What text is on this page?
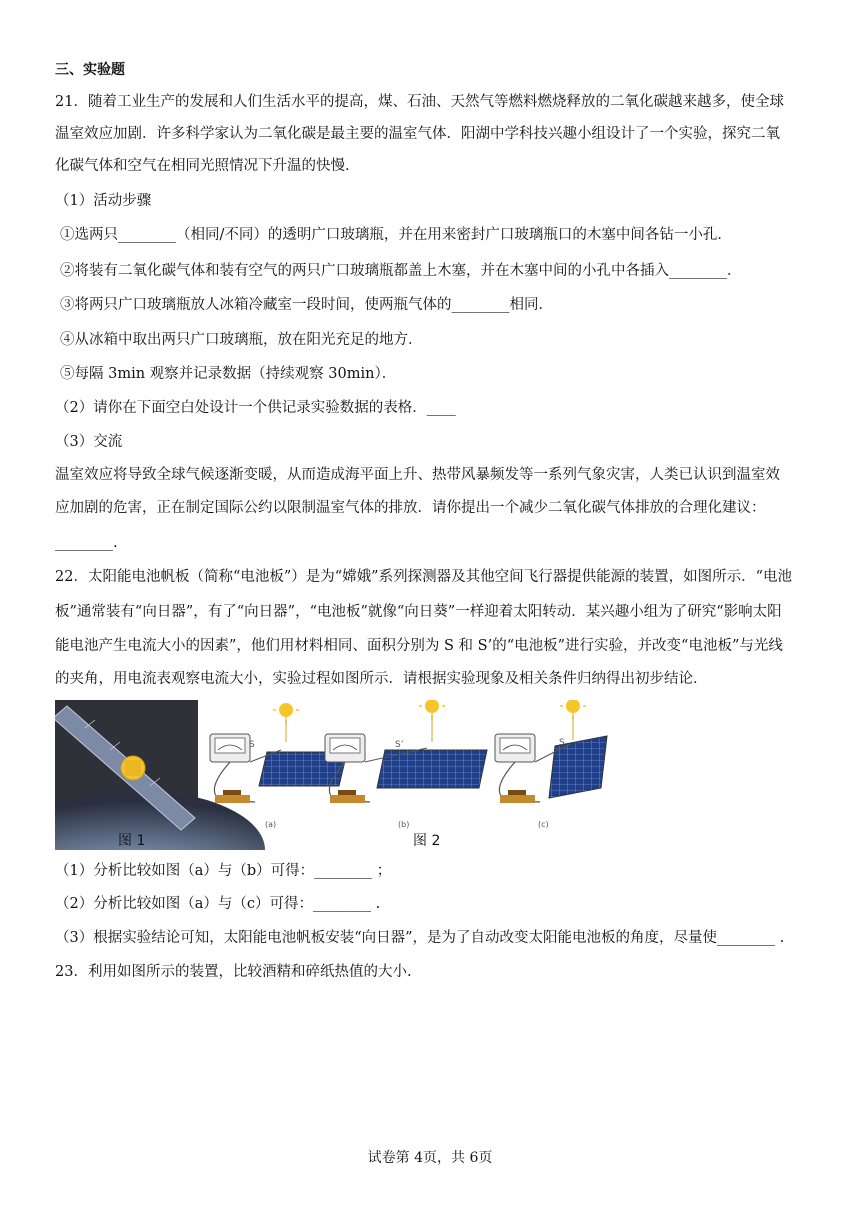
三、实验题
21．随着工业生产的发展和人们生活水平的提高，煤、石油、天然气等燃料燃烧释放的二氧化碳越来越多，使全球
温室效应加剧．许多科学家认为二氧化碳是最主要的温室气体．阳湖中学科技兴趣小组设计了一个实验，探究二氧
化碳气体和空气在相同光照情况下升温的快慢．
（1）活动步骤
①选两只________（相同/不同）的透明广口玻璃瓶，并在用来密封广口玻璃瓶口的木塞中间各钻一小孔．
②将装有二氧化碳气体和装有空气的两只广口玻璃瓶都盖上木塞，并在木塞中间的小孔中各插入________．
③将两只广口玻璃瓶放人冰箱冷藏室一段时间，使两瓶气体的________相同．
④从冰箱中取出两只广口玻璃瓶，放在阳光充足的地方．
⑤每隔 3min 观察并记录数据（持续观察 30min）．
（2）请你在下面空白处设计一个供记录实验数据的表格．____
（3）交流
温室效应将导致全球气候逐渐变暖，从而造成海平面上升、热带风暴频发等一系列气象灾害，人类已认识到温室效
应加剧的危害，正在制定国际公约以限制温室气体的排放．请你提出一个减少二氧化碳气体排放的合理化建议：
________.
22．太阳能电池帆板（简称“电池板”）是为“嫦娥”系列探测器及其他空间飞行器提供能源的装置，如图所示．“电池
板”通常装有“向日器”，有了“向日器”，“电池板”就像“向日葵”一样迎着太阳转动．某兴趣小组为了研究“影响太阳
能电池产生电流大小的因素”，他们用材料相同、面积分别为 S 和 S’的“电池板”进行实验，并改变“电池板”与光线
的夹角，用电流表观察电流大小，实验过程如图所示．请根据实验现象及相关条件归纳得出初步结论．
S	S’	S
(a)	(b)	(c)
图 1	图 2
（1）分析比较如图（a）与（b）可得：________ ；
（2）分析比较如图（a）与（c）可得：________ .
（3）根据实验结论可知，太阳能电池帆板安装“向日器”，是为了自动改变太阳能电池板的角度，尽量使________ .
23．利用如图所示的装置，比较酒精和碎纸热值的大小.
试卷第 4页，共 6页
